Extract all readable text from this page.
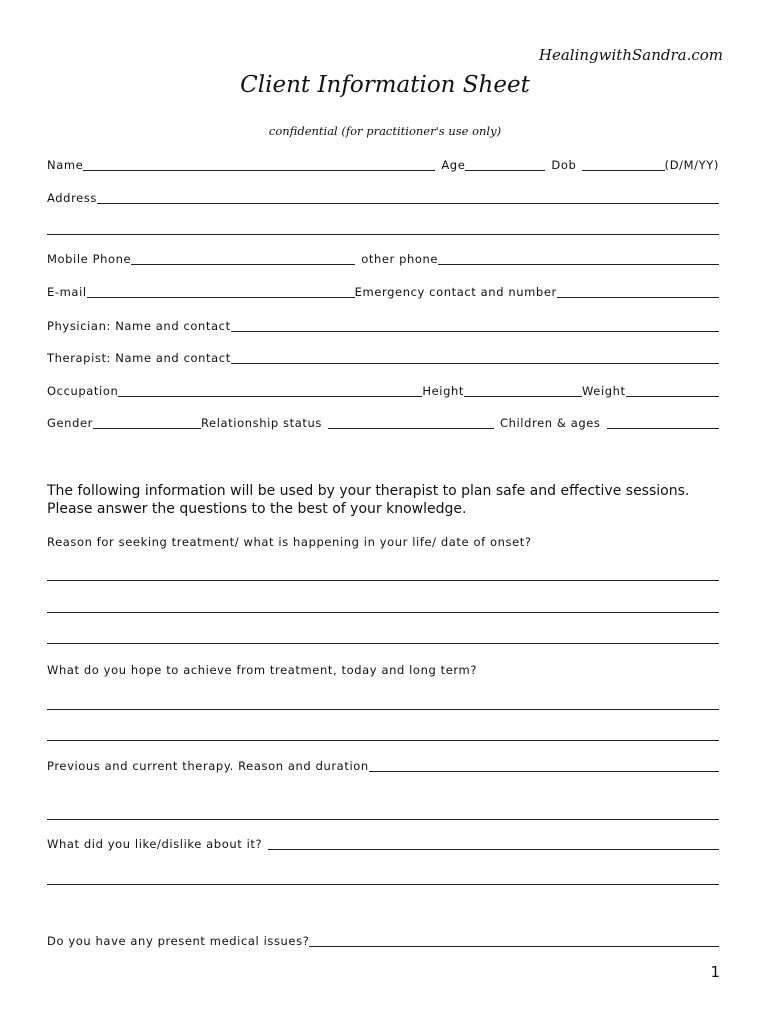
HealingwithSandra.com
Client Information Sheet
confidential (for practitioner's use only)
Name	Age	Dob	(D/M/YY)
Address
Mobile Phone	other phone
E-mail	Emergency contact and number
Physician: Name and contact
Therapist: Name and contact
Occupation	Height	Weight
Gender	Relationship status	Children & ages
The following information will be used by your therapist to plan safe and effective sessions.
Please answer the questions to the best of your knowledge.
Reason for seeking treatment/ what is happening in your life/ date of onset?
What do you hope to achieve from treatment, today and long term?
Previous and current therapy. Reason and duration
What did you like/dislike about it?
Do you have any present medical issues?
1
